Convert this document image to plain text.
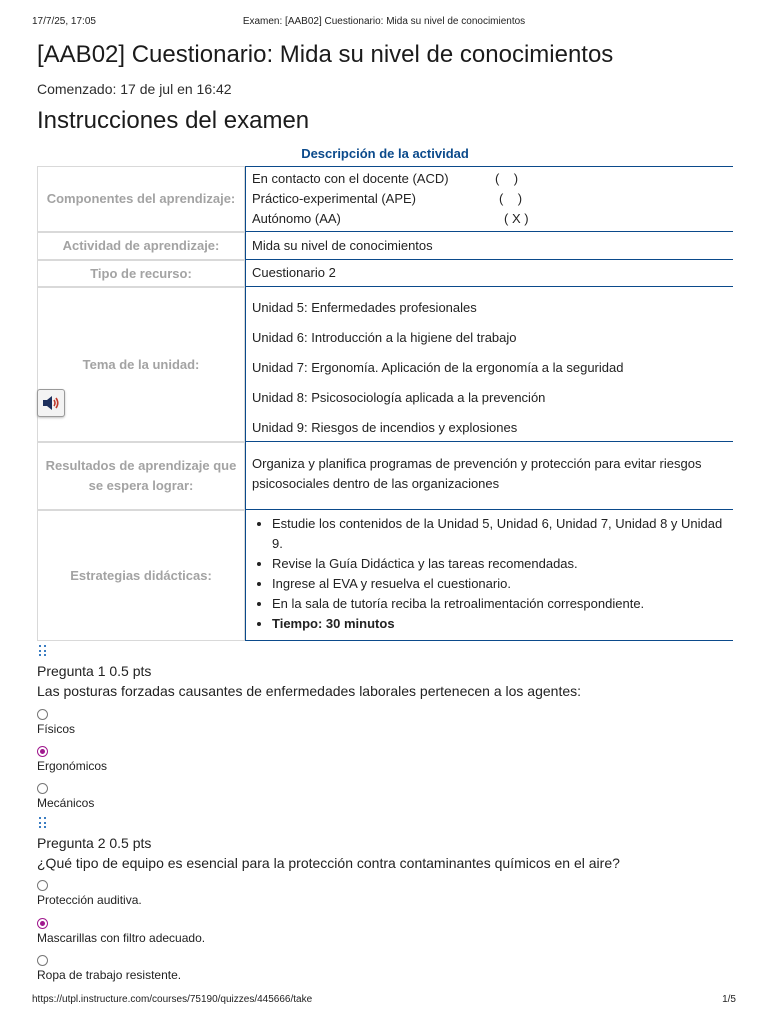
17/7/25, 17:05	Examen: [AAB02] Cuestionario: Mida su nivel de conocimientos
[AAB02] Cuestionario: Mida su nivel de conocimientos
Comenzado: 17 de jul en 16:42
Instrucciones del examen
Descripción de la actividad
Componentes del aprendizaje:
En contacto con el docente (ACD)	(    )
Práctico-experimental (APE)	(    )
Autónomo (AA)	( X )
Actividad de aprendizaje:	Mida su nivel de conocimientos
Tipo de recurso:	Cuestionario 2
Tema de la unidad:
Unidad 5: Enfermedades profesionales
Unidad 6: Introducción a la higiene del trabajo
Unidad 7: Ergonomía. Aplicación de la ergonomía a la seguridad
Unidad 8: Psicosociología aplicada a la prevención
Unidad 9: Riesgos de incendios y explosiones
Resultados de aprendizaje que se espera lograr:
Organiza y planifica programas de prevención y protección para evitar riesgos psicosociales dentro de las organizaciones
Estrategias didácticas:
• Estudie los contenidos de la Unidad 5, Unidad 6, Unidad 7, Unidad 8 y Unidad 9.
• Revise la Guía Didáctica y las tareas recomendadas.
• Ingrese al EVA y resuelva el cuestionario.
• En la sala de tutoría reciba la retroalimentación correspondiente.
• Tiempo: 30 minutos
Pregunta 1 0.5 pts
Las posturas forzadas causantes de enfermedades laborales pertenecen a los agentes:
Físicos
Ergonómicos
Mecánicos
Pregunta 2 0.5 pts
¿Qué tipo de equipo es esencial para la protección contra contaminantes químicos en el aire?
Protección auditiva.
Mascarillas con filtro adecuado.
Ropa de trabajo resistente.
https://utpl.instructure.com/courses/75190/quizzes/445666/take	1/5
